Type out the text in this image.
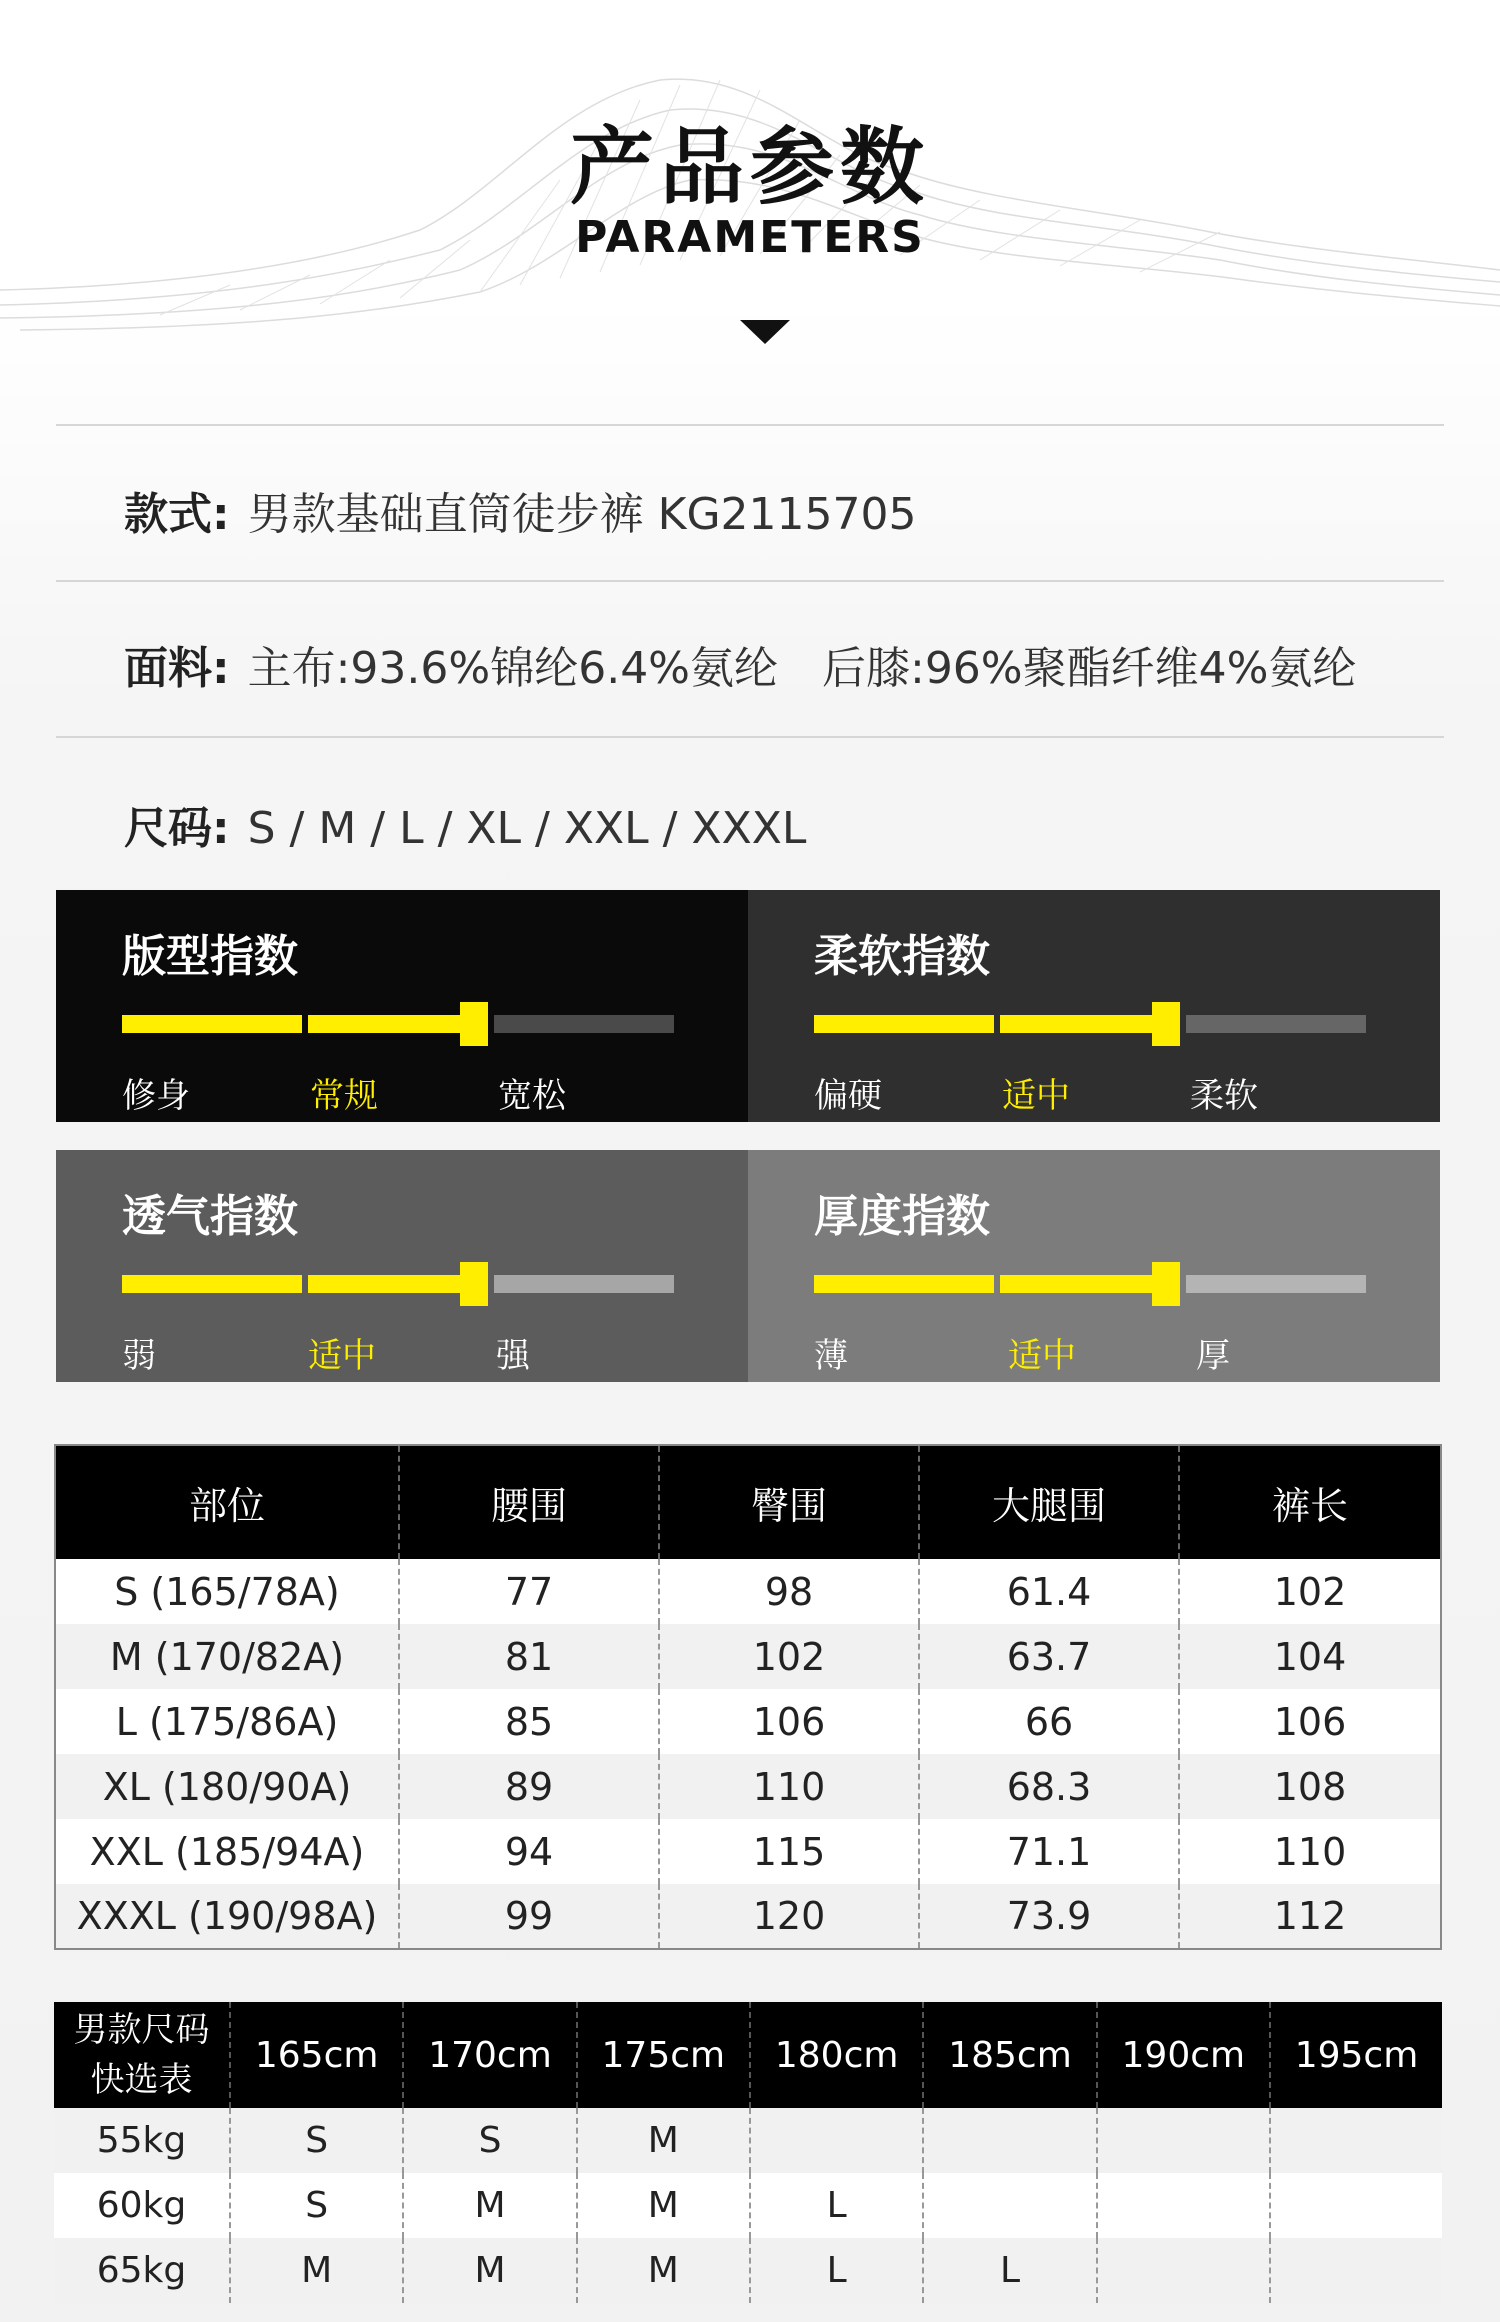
产品参数
PARAMETERS
款式: 男款基础直筒徒步裤 KG2115705
面料: 主布:93.6%锦纶6.4%氨纶　后膝:96%聚酯纤维4%氨纶
尺码: S / M / L / XL / XXL / XXXL
版型指数
修身	常规	宽松
柔软指数
偏硬	适中	柔软
透气指数
弱	适中	强
厚度指数
薄	适中	厚
部位	腰围	臀围	大腿围	裤长
S (165/78A)	77	98	61.4	102
M (170/82A)	81	102	63.7	104
L (175/86A)	85	106	66	106
XL (180/90A)	89	110	68.3	108
XXL (185/94A)	94	115	71.1	110
XXXL (190/98A)	99	120	73.9	112
男款尺码
快选表	165cm	170cm	175cm	180cm	185cm	190cm	195cm
55kg	S	S	M				
60kg	S	M	M	L			
65kg	M	M	M	L	L		
